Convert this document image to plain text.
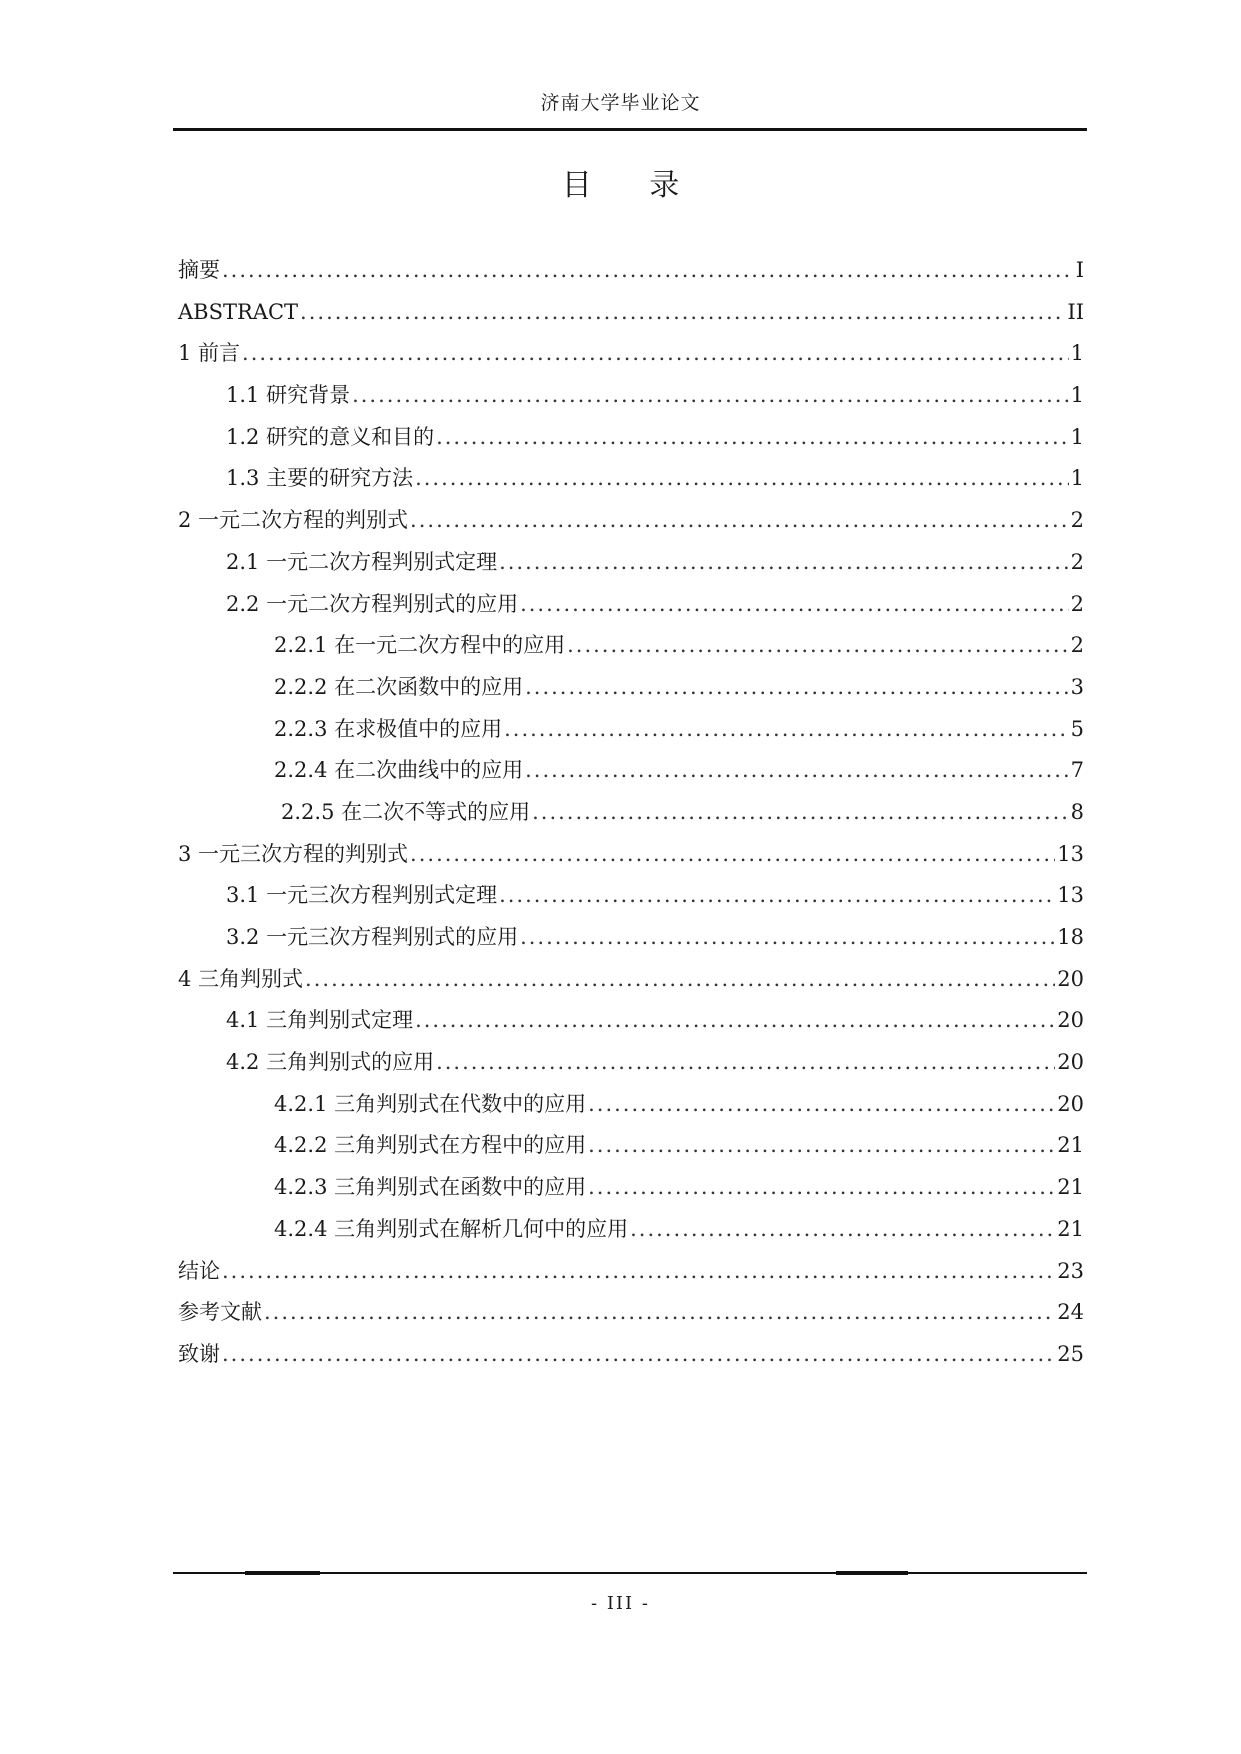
济南大学毕业论文
目 录
摘要 .....	I
ABSTRACT .....	II
1 前言 .....	1
1.1 研究背景 .....	1
1.2 研究的意义和目的 .....	1
1.3 主要的研究方法 .....	1
2 一元二次方程的判别式 .....	2
2.1 一元二次方程判别式定理 .....	2
2.2 一元二次方程判别式的应用 .....	2
2.2.1 在一元二次方程中的应用 .....	2
2.2.2 在二次函数中的应用 .....	3
2.2.3 在求极值中的应用 .....	5
2.2.4 在二次曲线中的应用 .....	7
2.2.5 在二次不等式的应用 .....	8
3 一元三次方程的判别式 .....	13
3.1 一元三次方程判别式定理 .....	13
3.2 一元三次方程判别式的应用 .....	18
4 三角判别式 .....	20
4.1 三角判别式定理 .....	20
4.2 三角判别式的应用 .....	20
4.2.1 三角判别式在代数中的应用 .....	20
4.2.2 三角判别式在方程中的应用 .....	21
4.2.3 三角判别式在函数中的应用 .....	21
4.2.4 三角判别式在解析几何中的应用 .....	21
结论 .....	23
参考文献 .....	24
致谢 .....	25
- III -
